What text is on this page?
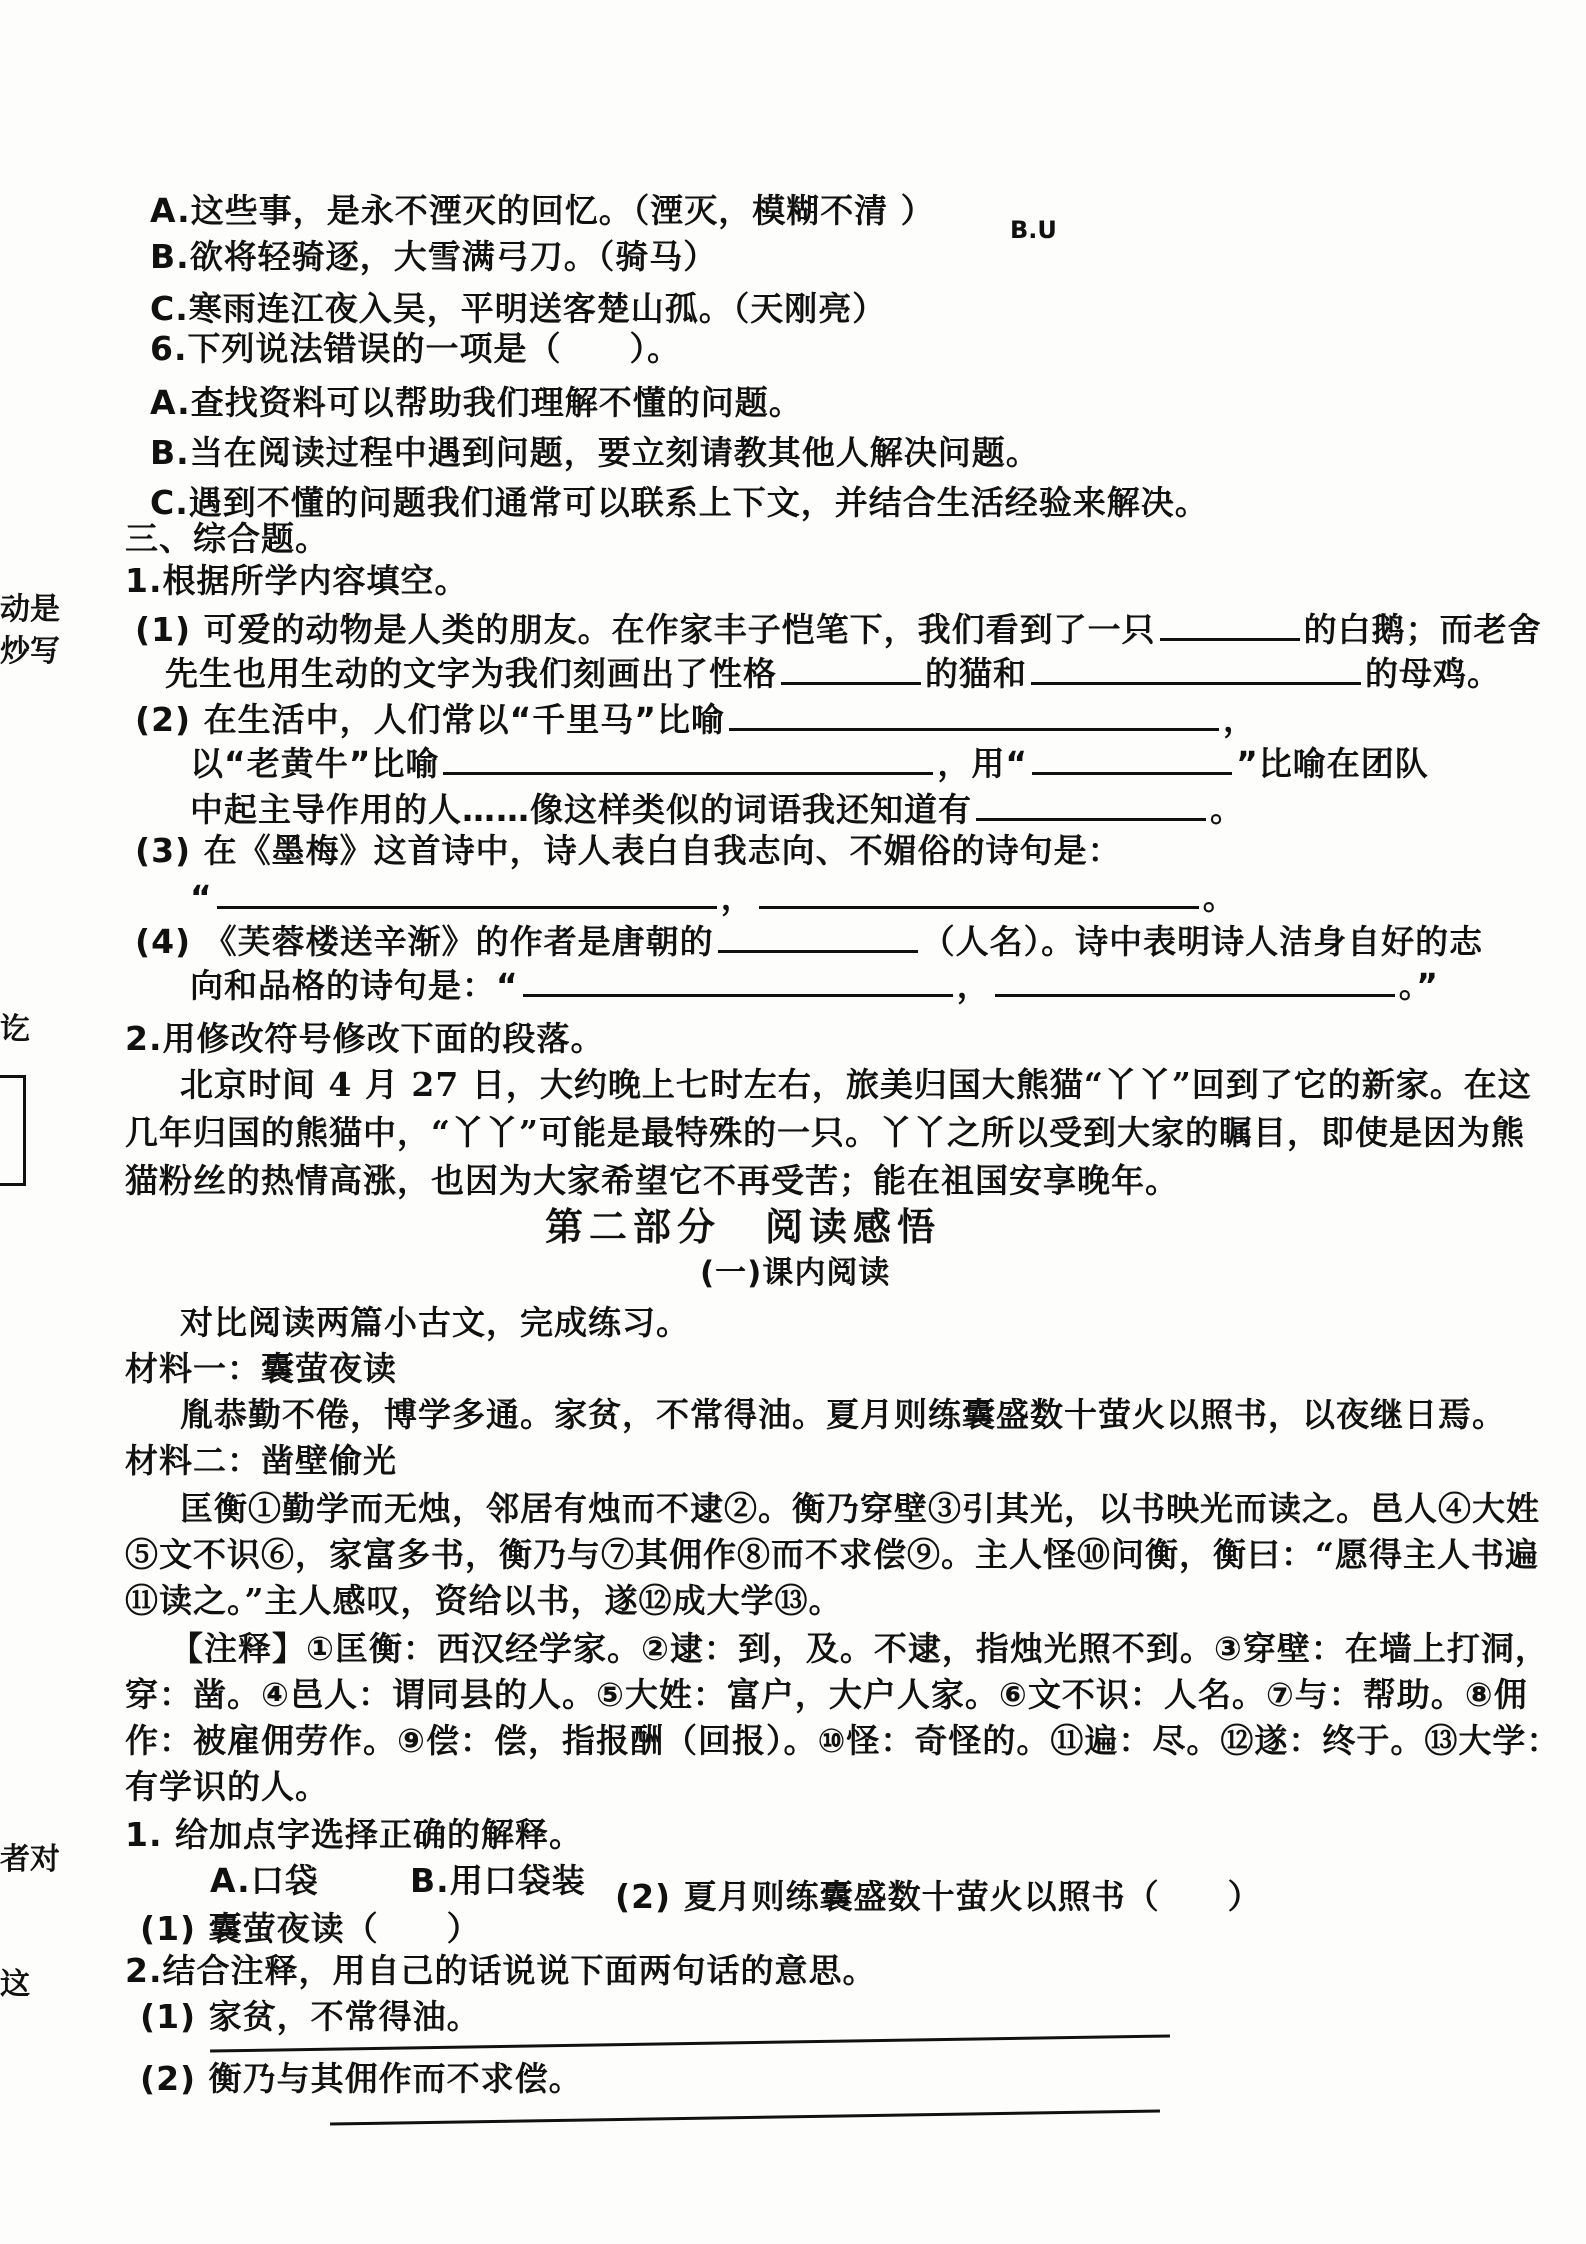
动是
炒写
讫
者对
这
B.U
A.这些事，是永不湮灭的回忆。（湮灭，模糊不清 ）
B.欲将轻骑逐，大雪满弓刀。（骑马）
C.寒雨连江夜入吴，平明送客楚山孤。（天刚亮）
6.下列说法错误的一项是（　　）。
A.查找资料可以帮助我们理解不懂的问题。
B.当在阅读过程中遇到问题，要立刻请教其他人解决问题。
C.遇到不懂的问题我们通常可以联系上下文，并结合生活经验来解决。
三、综合题。
1.根据所学内容填空。
(1) 可爱的动物是人类的朋友。在作家丰子恺笔下，我们看到了一只	的白鹅；而老舍
先生也用生动的文字为我们刻画出了性格	的猫和	的母鸡。
(2) 在生活中，人们常以“千里马”比喻	，
以“老黄牛”比喻	，用“	”比喻在团队
中起主导作用的人……像这样类似的词语我还知道有	。
(3) 在《墨梅》这首诗中，诗人表白自我志向、不媚俗的诗句是：
“	，	。
(4) 《芙蓉楼送辛渐》的作者是唐朝的	（人名）。诗中表明诗人洁身自好的志
向和品格的诗句是：“	，	。”
2.用修改符号修改下面的段落。
北京时间 4 月 27 日，大约晚上七时左右，旅美归国大熊猫“丫丫”回到了它的新家。在这
几年归国的熊猫中，“丫丫”可能是最特殊的一只。丫丫之所以受到大家的瞩目，即使是因为熊
猫粉丝的热情高涨，也因为大家希望它不再受苦；能在祖国安享晚年。
第二部分　阅读感悟
(一)课内阅读
对比阅读两篇小古文，完成练习。
材料一：囊萤夜读
胤恭勤不倦，博学多通。家贫，不常得油。夏月则练囊盛数十萤火以照书，以夜继日焉。
材料二：凿壁偷光
匡衡①勤学而无烛，邻居有烛而不逮②。衡乃穿壁③引其光，以书映光而读之。邑人④大姓
⑤文不识⑥，家富多书，衡乃与⑦其佣作⑧而不求偿⑨。主人怪⑩问衡，衡曰：“愿得主人书遍
⑪读之。”主人感叹，资给以书，遂⑫成大学⑬。
【注释】①匡衡：西汉经学家。②逮：到，及。不逮，指烛光照不到。③穿壁：在墙上打洞，
穿：凿。④邑人：谓同县的人。⑤大姓：富户，大户人家。⑥文不识：人名。⑦与：帮助。⑧佣
作：被雇佣劳作。⑨偿：偿，指报酬（回报）。⑩怪：奇怪的。⑪遍：尽。⑫遂：终于。⑬大学：
有学识的人。
1. 给加点字选择正确的解释。
A.口袋	B.用口袋装 (2) 夏月则练囊盛数十萤火以照书（　　）
(1) 囊萤夜读（　　）
2.结合注释，用自己的话说说下面两句话的意思。
(1) 家贫，不常得油。
(2) 衡乃与其佣作而不求偿。
